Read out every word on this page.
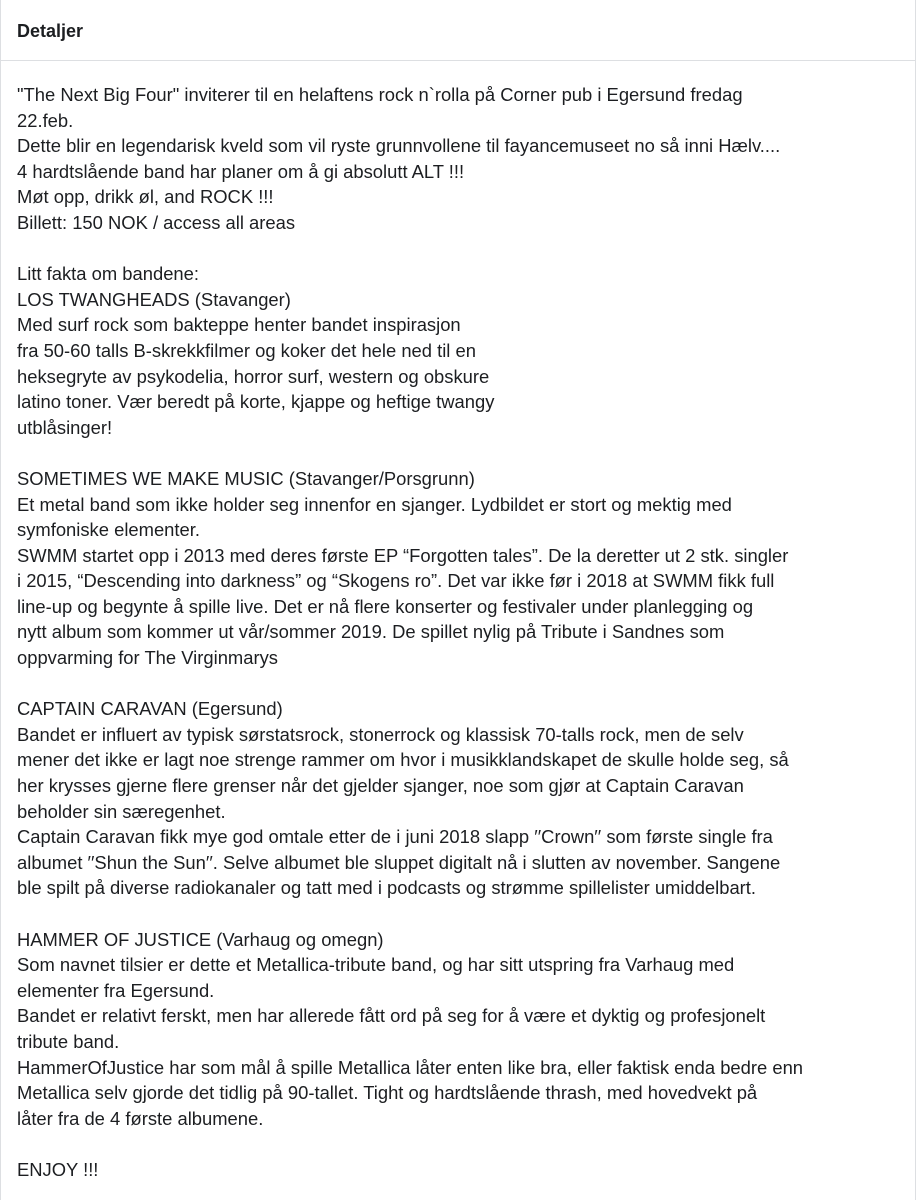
Detaljer
"The Next Big Four" inviterer til en helaftens rock n`rolla på Corner pub i Egersund fredag
22.feb.
Dette blir en legendarisk kveld som vil ryste grunnvollene til fayancemuseet no så inni Hælv....
4 hardtslående band har planer om å gi absolutt ALT !!!
Møt opp, drikk øl, and ROCK !!!
Billett: 150 NOK / access all areas
Litt fakta om bandene:
LOS TWANGHEADS (Stavanger)
Med surf rock som bakteppe henter bandet inspirasjon
fra 50-60 talls B-skrekkfilmer og koker det hele ned til en
heksegryte av psykodelia, horror surf, western og obskure
latino toner. Vær beredt på korte, kjappe og heftige twangy
utblåsinger!
SOMETIMES WE MAKE MUSIC (Stavanger/Porsgrunn)
Et metal band som ikke holder seg innenfor en sjanger. Lydbildet er stort og mektig med
symfoniske elementer.
SWMM startet opp i 2013 med deres første EP “Forgotten tales”. De la deretter ut 2 stk. singler
i 2015, “Descending into darkness” og “Skogens ro”. Det var ikke før i 2018 at SWMM fikk full
line-up og begynte å spille live. Det er nå flere konserter og festivaler under planlegging og
nytt album som kommer ut vår/sommer 2019. De spillet nylig på Tribute i Sandnes som
oppvarming for The Virginmarys
CAPTAIN CARAVAN (Egersund)
Bandet er influert av typisk sørstatsrock, stonerrock og klassisk 70-talls rock, men de selv
mener det ikke er lagt noe strenge rammer om hvor i musikklandskapet de skulle holde seg, så
her krysses gjerne flere grenser når det gjelder sjanger, noe som gjør at Captain Caravan
beholder sin særegenhet.
Captain Caravan fikk mye god omtale etter de i juni 2018 slapp ′′Crown′′ som første single fra
albumet ′′Shun the Sun′′. Selve albumet ble sluppet digitalt nå i slutten av november. Sangene
ble spilt på diverse radiokanaler og tatt med i podcasts og strømme spillelister umiddelbart.
HAMMER OF JUSTICE (Varhaug og omegn)
Som navnet tilsier er dette et Metallica-tribute band, og har sitt utspring fra Varhaug med
elementer fra Egersund.
Bandet er relativt ferskt, men har allerede fått ord på seg for å være et dyktig og profesjonelt
tribute band.
HammerOfJustice har som mål å spille Metallica låter enten like bra, eller faktisk enda bedre enn
Metallica selv gjorde det tidlig på 90-tallet. Tight og hardtslående thrash, med hovedvekt på
låter fra de 4 første albumene.
ENJOY !!!
